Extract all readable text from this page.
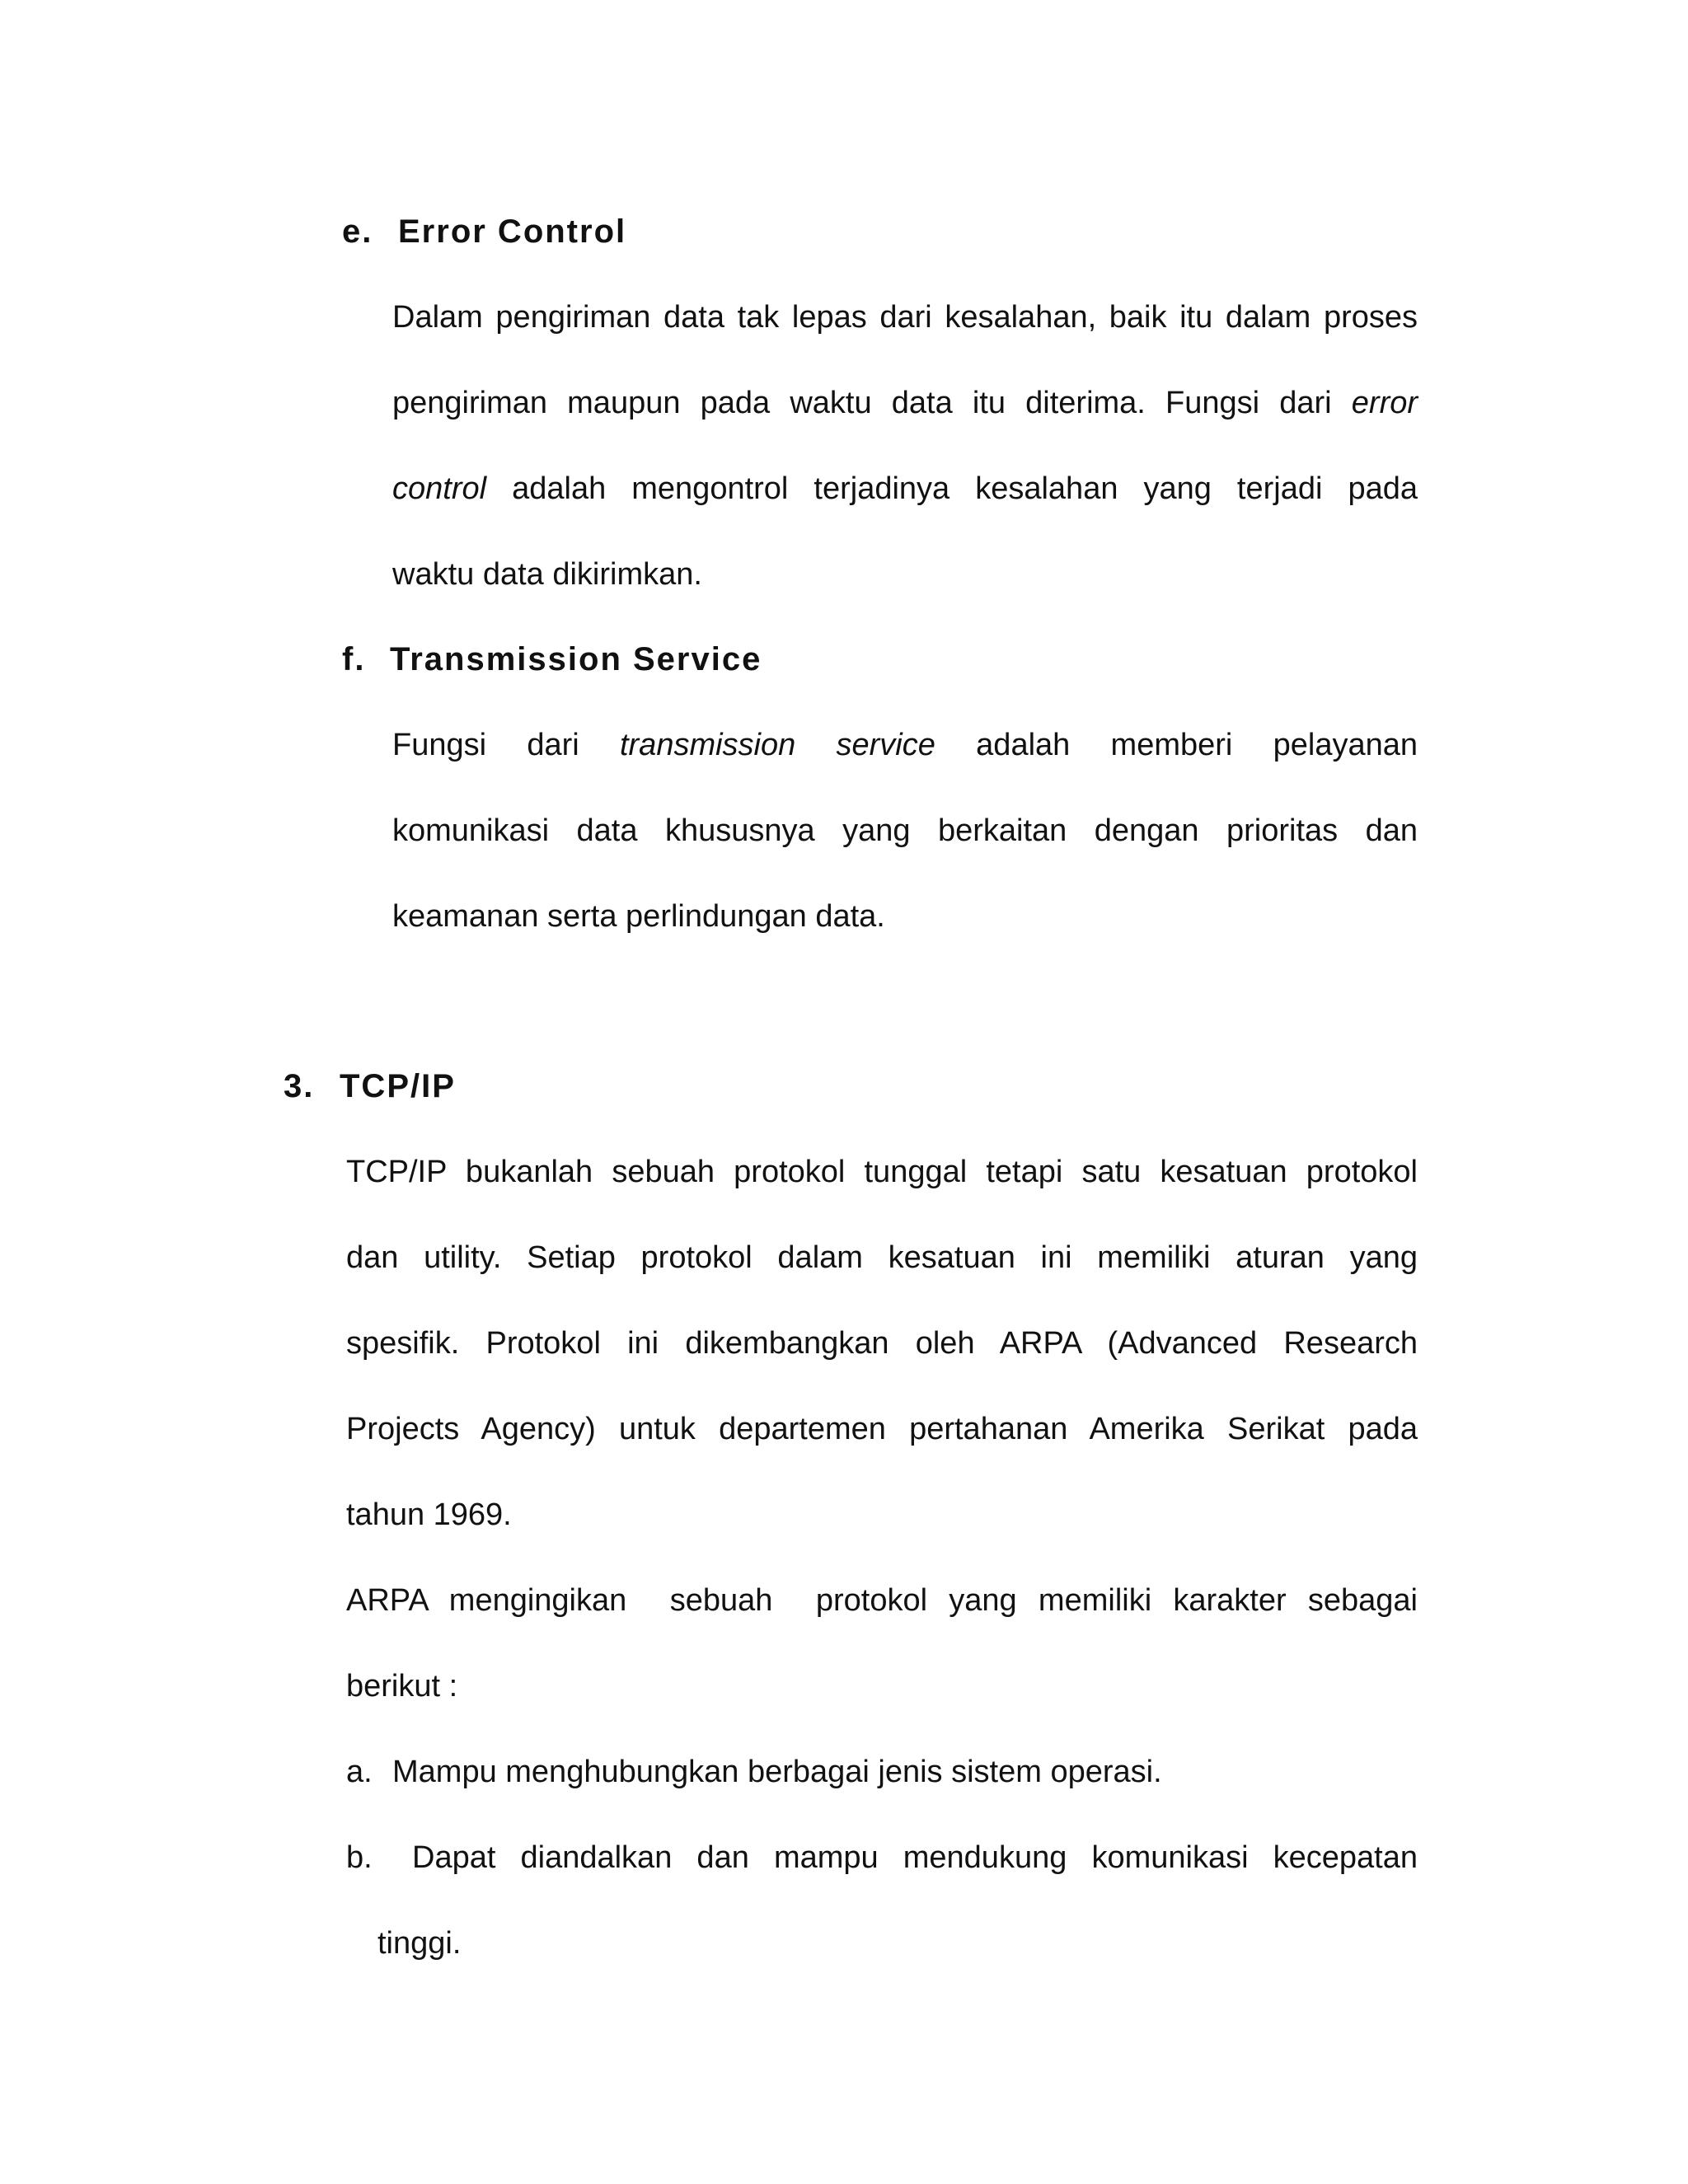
e. Error Control
Dalam pengiriman data tak lepas dari kesalahan, baik itu dalam proses
pengiriman maupun pada waktu data itu diterima. Fungsi dari error
control adalah mengontrol terjadinya kesalahan yang terjadi pada
waktu data dikirimkan.
f. Transmission Service
Fungsi dari transmission service adalah memberi pelayanan
komunikasi data khususnya yang berkaitan dengan prioritas dan
keamanan serta perlindungan data.
3. TCP/IP
TCP/IP bukanlah sebuah protokol tunggal tetapi satu kesatuan protokol
dan utility. Setiap protokol dalam kesatuan ini memiliki aturan yang
spesifik. Protokol ini dikembangkan oleh ARPA (Advanced Research
Projects Agency) untuk departemen pertahanan Amerika Serikat pada
tahun 1969.
ARPA mengingikan  sebuah  protokol yang memiliki karakter sebagai
berikut :
a. Mampu menghubungkan berbagai jenis sistem operasi.
b. Dapat diandalkan dan mampu mendukung komunikasi kecepatan
tinggi.
